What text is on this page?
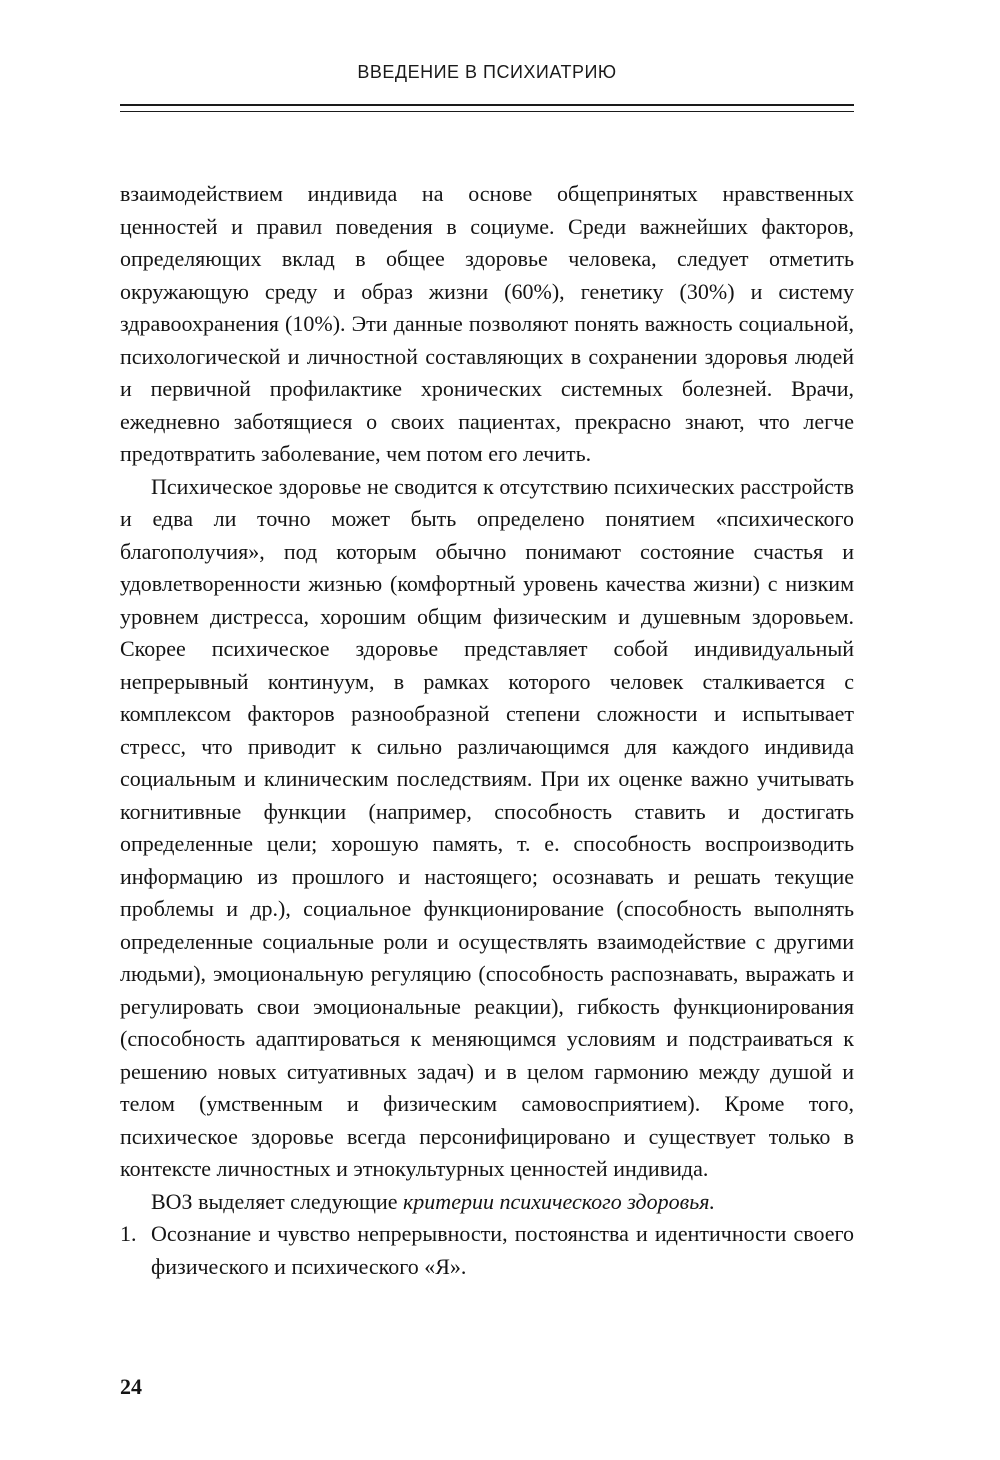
ВВЕДЕНИЕ В ПСИХИАТРИЮ

взаимодействием индивида на основе общепринятых нравственных ценностей и правил поведения в социуме. Среди важнейших факторов, определяющих вклад в общее здоровье человека, следует отметить окружающую среду и образ жизни (60%), генетику (30%) и систему здравоохранения (10%). Эти данные позволяют понять важность социальной, психологической и личностной составляющих в сохранении здоровья людей и первичной профилактике хронических системных болезней. Врачи, ежедневно заботящиеся о своих пациентах, прекрасно знают, что легче предотвратить заболевание, чем потом его лечить.

Психическое здоровье не сводится к отсутствию психических расстройств и едва ли точно может быть определено понятием «психического благополучия», под которым обычно понимают состояние счастья и удовлетворенности жизнью (комфортный уровень качества жизни) с низким уровнем дистресса, хорошим общим физическим и душевным здоровьем. Скорее психическое здоровье представляет собой индивидуальный непрерывный континуум, в рамках которого человек сталкивается с комплексом факторов разнообразной степени сложности и испытывает стресс, что приводит к сильно различающимся для каждого индивида социальным и клиническим последствиям. При их оценке важно учитывать когнитивные функции (например, способность ставить и достигать определенные цели; хорошую память, т. е. способность воспроизводить информацию из прошлого и настоящего; осознавать и решать текущие проблемы и др.), социальное функционирование (способность выполнять определенные социальные роли и осуществлять взаимодействие с другими людьми), эмоциональную регуляцию (способность распознавать, выражать и регулировать свои эмоциональные реакции), гибкость функционирования (способность адаптироваться к меняющимся условиям и подстраиваться к решению новых ситуативных задач) и в целом гармонию между душой и телом (умственным и физическим самовосприятием). Кроме того, психическое здоровье всегда персонифицировано и существует только в контексте личностных и этнокультурных ценностей индивида.

ВОЗ выделяет следующие критерии психического здоровья.

1. Осознание и чувство непрерывности, постоянства и идентичности своего физического и психического «Я».
24
